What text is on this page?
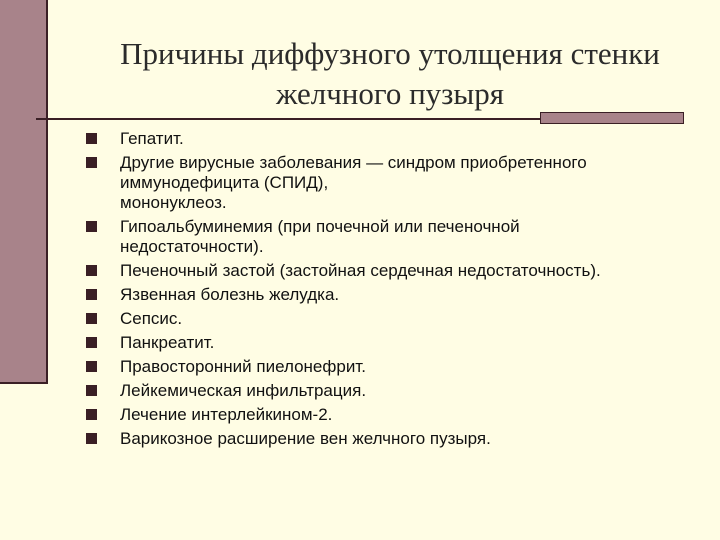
Причины диффузного утолщения стенки
желчного пузыря
Гепатит.
Другие вирусные заболевания — синдром приобретенного
иммунодефицита (СПИД),
мононуклеоз.
Гипоальбуминемия (при почечной или печеночной
недостаточности).
Печеночный застой (застойная сердечная недостаточность).
Язвенная болезнь желудка.
Сепсис.
Панкреатит.
Правосторонний пиелонефрит.
Лейкемическая инфильтрация.
Лечение интерлейкином-2.
Варикозное расширение вен желчного пузыря.
